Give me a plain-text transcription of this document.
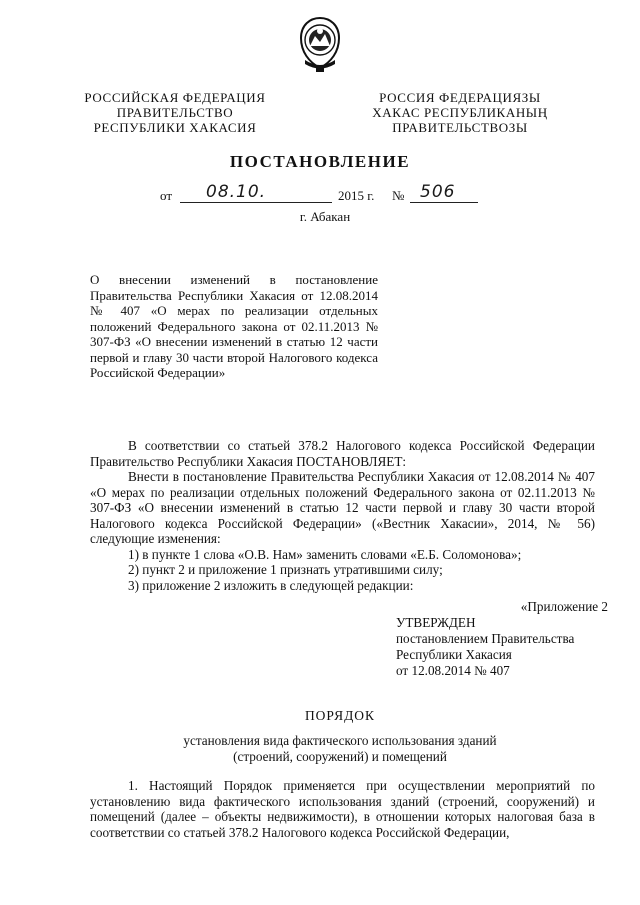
РОССИЙСКАЯ ФЕДЕРАЦИЯ
ПРАВИТЕЛЬСТВО
РЕСПУБЛИКИ ХАКАСИЯ
РОССИЯ ФЕДЕРАЦИЯЗЫ
ХАКАС РЕСПУБЛИКАНЫҢ
ПРАВИТЕЛЬСТВОЗЫ
ПОСТАНОВЛЕНИЕ
от 08.10.	2015 г. № 506
г. Абакан
О внесении изменений в постановление Правительства Республики Хакасия от 12.08.2014 № 407 «О мерах по реализации отдельных положений Федерального закона от 02.11.2013 № 307-ФЗ «О внесении изменений в статью 12 части первой и главу 30 части второй Налогового кодекса Российской Федерации»

В соответствии со статьей 378.2 Налогового кодекса Российской Федерации Правительство Республики Хакасия ПОСТАНОВЛЯЕТ:

Внести в постановление Правительства Республики Хакасия от 12.08.2014 № 407 «О мерах по реализации отдельных положений Федерального закона от 02.11.2013 № 307-ФЗ «О внесении изменений в статью 12 части первой и главу 30 части второй Налогового кодекса Российской Федерации» («Вестник Хакасии», 2014, № 56) следующие изменения:

1) в пункте 1 слова «О.В. Нам» заменить словами «Е.Б. Соломонова»;

2) пункт 2 и приложение 1 признать утратившими силу;

3) приложение 2 изложить в следующей редакции:

«Приложение 2
УТВЕРЖДЕН
постановлением Правительства
Республики Хакасия
от 12.08.2014 № 407
ПОРЯДОК
установления вида фактического использования зданий
(строений, сооружений) и помещений

1. Настоящий Порядок применяется при осуществлении мероприятий по установлению вида фактического использования зданий (строений, сооружений) и помещений (далее – объекты недвижимости), в отношении которых налоговая база в соответствии со статьей 378.2 Налогового кодекса Российской Федерации,
